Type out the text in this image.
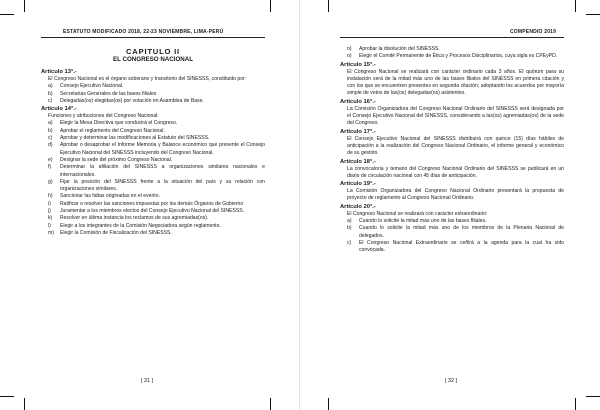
ESTATUTO MODIFICADO 2018, 22-23 NOVIEMBRE, LIMA-PERÚ
CAPITULO II
EL CONGRESO NACIONAL
Artículo 13°.-
El Congreso Nacional es el órgano soberano y transitorio del SINESSS, constituido por:
a)	Consejo Ejecutivo Nacional.
b)	Secretarias Generales de las bases filiales
c)	Delegadas(os) elegidas(os) por votación en Asamblea de Base.
Artículo 14°.-
Funciones y atribuciones del Congreso Nacional:
a)	Elegir la Mesa Directiva que conducirá el Congreso.
b)	Aprobar el reglamento del Congreso Nacional.
c)	Aprobar y determinar las modificaciones al Estatuto del SINESSS.
d)	Aprobar o desaprobar el Informe Memoria y Balance económico que presente el Consejo Ejecutivo Nacional del SINESSS incluyendo del Congreso Nacional.
e)	Designar la sede del próximo Congreso Nacional.
f)	Determinar la afiliación del SINESSS a organizaciones similares nacionales e internacionales.
g)	Fijar la posición del SINESSS frente a la situación del país y su relación con organizaciones similares.
h)	Sancionar las faltas originadas en el evento.
i)	Ratificar o resolver las sanciones impuestas por los demás Órganos de Gobierno
j)	Juramentar a los miembros electos del Consejo Ejecutivo Nacional del SINESSS.
k)	Resolver en última instancia los reclamos de sus agremiadas(os).
l)	Elegir a los integrantes de la Comisión Negociadora según reglamento.
m)	Elegir la Comisión de Fiscalización del SINESSS.
[ 31 ]
COMPENDIO 2019
n)	Aprobar la disolución del SINESSS.
o)	Elegir el Comité Permanente de Ética y Procesos Disciplinarios, cuya sigla es CPEyPD.
Artículo 15°.-
El Congreso Nacional se realizará con carácter ordinario cada 3 años. El quórum para su instalación será de la mitad más uno de las bases filiales del SINESSS en primera citación y con los que se encuentren presentes en segunda citación; adoptando los acuerdos por mayoría simple de votos de las(os) delegadas(os) asistentes.
Artículo 16°.-
La Comisión Organizadora del Congreso Nacional Ordinario del SINESSS será designada por el Consejo Ejecutivo Nacional del SINESSS, considerando a las(os) agremiadas(os) de la sede del Congreso.
Artículo 17°.-
El Consejo Ejecutivo Nacional del SINESSS distribuirá con quince (15) días hábiles de anticipación a la realización del Congreso Nacional Ordinario, el informe general y económico de su gestión.
Artículo 18°.-
La convocatoria y temario del Congreso Nacional Ordinario del SINESSS se publicará en un diario de circulación nacional con 45 días de anticipación.
Artículo 19°.-
La Comisión Organizadora del Congreso Nacional Ordinario presentará la propuesta de proyecto de reglamento al Congreso Nacional Ordinario.
Artículo 20°.-
El Congreso Nacional se realizará con carácter extraordinario:
a)	Cuando lo solicite la mitad más uno de las bases filiales.
b)	Cuando lo solicite la mitad más uno de los miembros de la Plenaria Nacional de delegados.
c)	El Congreso Nacional Extraordinario se ceñirá a la agenda para la cual ha sido convocada.
[ 32 ]
